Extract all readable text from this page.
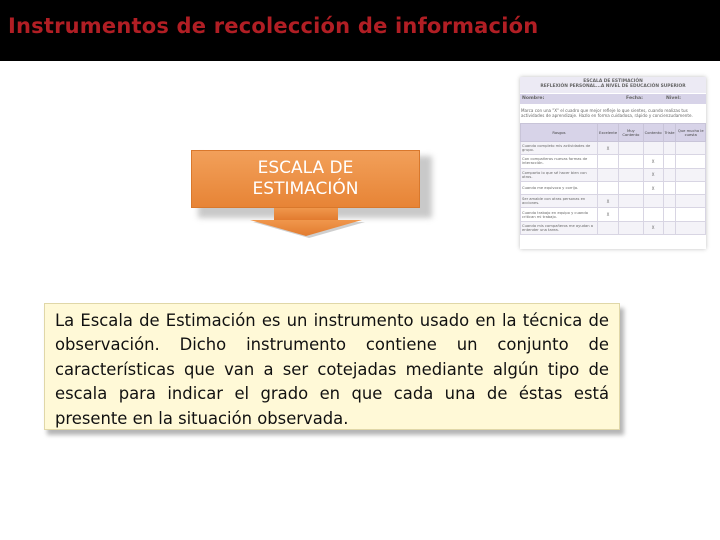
Instrumentos de recolección de información
ESCALA DE
ESTIMACIÓN
ESCALA DE ESTIMACIÓN
REFLEXIÓN PERSONAL...A NIVEL DE EDUCACIÓN SUPERIOR
Nombre:	Fecha:	Nivel:
Marca con una "X" el cuadro que mejor refleje lo que sientes, cuando realizas tus actividades de aprendizaje. Hazlo en forma cuidadosa, rápido y concienzudamente.
Rasgos	Excelente	Muy Contento	Contento	Triste	Que mucho le cuesta
Cuando completo mis actividades de grupo.	X				
Con compañeros nuevas formas de interacción.			X		
Comparto lo que sé hacer bien con otros.			X		
Cuando me equivoco y corrijo.			X		
Ser amable con otras personas en acciones.	X				
Cuando trabajo en equipo y cuando critican mi trabajo.	X				
Cuando mis compañeros me ayudan a entender una tarea.			X		

La Escala de Estimación es un instrumento usado en la técnica de observación. Dicho instrumento contiene un conjunto de características que van a ser cotejadas mediante algún tipo de escala para indicar el grado en que cada una de éstas está presente en la situación observada.
